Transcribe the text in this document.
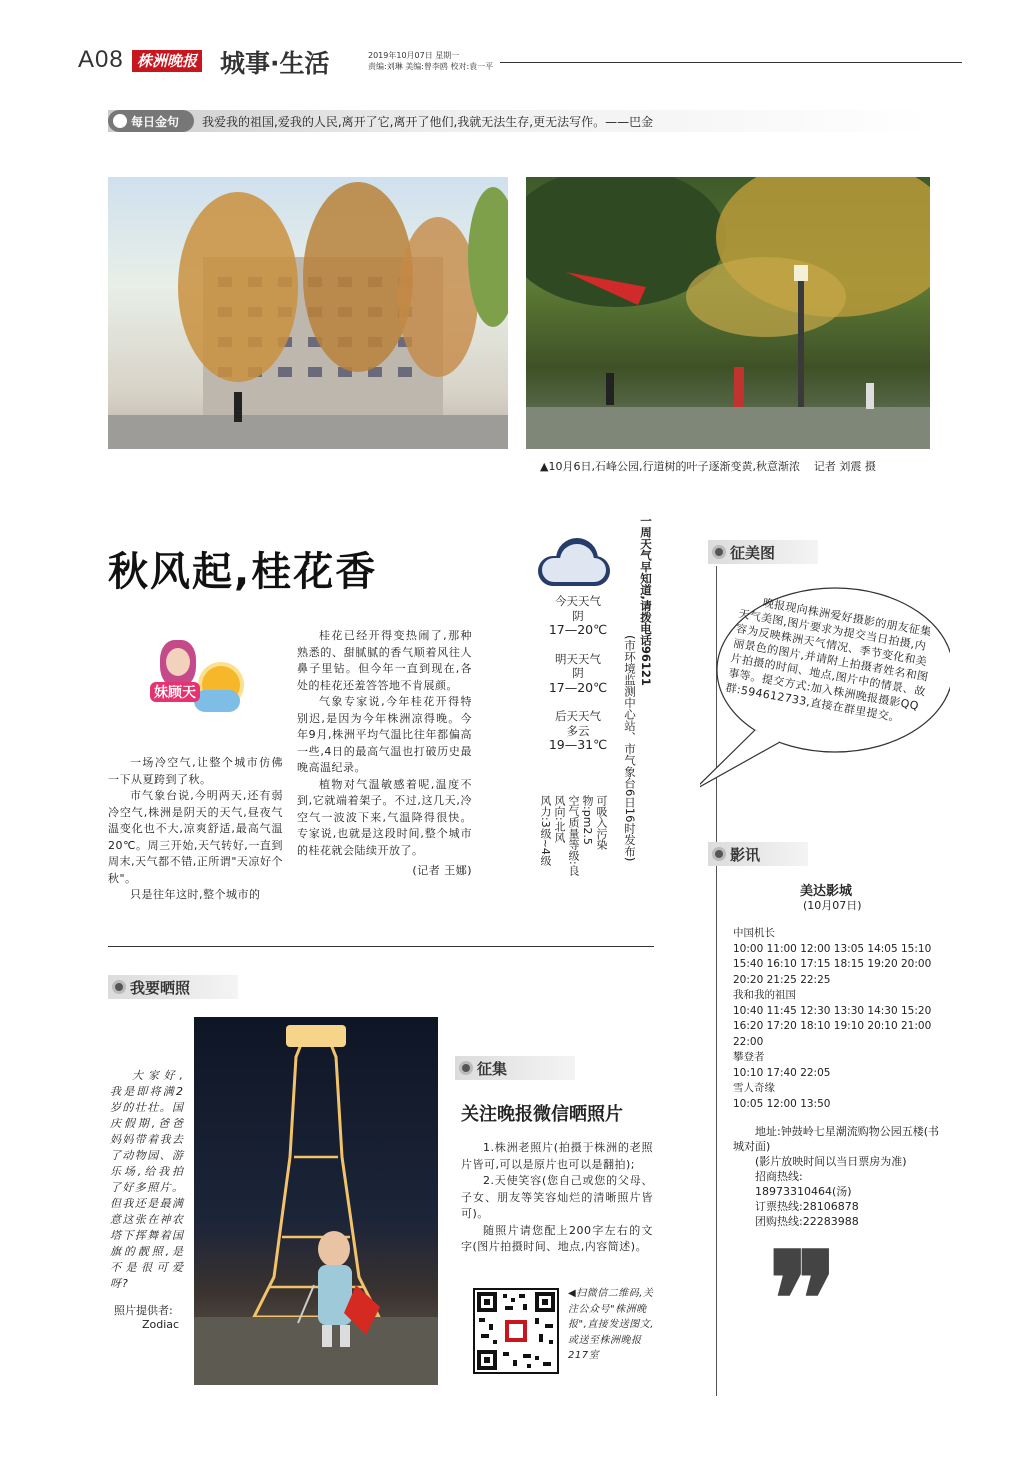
A08 株洲晚报 城事·生活	2019年10月07日 星期一
责编:刘琳 美编:曾李鸥 校对:袁一平
每日金句 我爱我的祖国,爱我的人民,离开了它,离开了他们,我就无法生存,更无法写作。——巴金
▲10月6日,石峰公园,行道树的叶子逐渐变黄,秋意渐浓    记者 刘震 摄
秋风起,桂花香
妹顾天

一场冷空气,让整个城市仿佛一下从夏跨到了秋。

市气象台说,今明两天,还有弱冷空气,株洲是阴天的天气,昼夜气温变化也不大,凉爽舒适,最高气温20℃。周三开始,天气转好,一直到周末,天气都不错,正所谓"天凉好个秋"。

只是往年这时,整个城市的

桂花已经开得变热闹了,那种熟悉的、甜腻腻的香气顺着风往人鼻子里钻。但今年一直到现在,各处的桂花还羞答答地不肯展颜。

气象专家说,今年桂花开得特别迟,是因为今年株洲凉得晚。今年9月,株洲平均气温比往年都偏高一些,4日的最高气温也打破历史最晚高温纪录。

植物对气温敏感着呢,温度不到,它就端着架子。不过,这几天,冷空气一波波下来,气温降得很快。专家说,也就是这段时间,整个城市的桂花就会陆续开放了。

(记者 王娜)

今天天气
阴
17—20℃
明天天气
阴
17—20℃
后天天气
多云
19—31℃
可吸入污染物:pm2.5
空气质量等级:良
风向:北风
风力:3级~4级
一周天气早知道,请拨电话96121
(市环境监测中心站、市气象台6日16时发布)
征美图
晚报现向株洲爱好摄影的朋友征集天气美图,图片要求为提交当日拍摄,内容为反映株洲天气情况、季节变化和美丽景色的图片,并请附上拍摄者姓名和图片拍摄的时间、地点,图片中的情景、故事等。提交方式:加入株洲晚报摄影QQ群:594612733,直接在群里提交。
影讯
美达影城
(10月07日)
中国机长
10:00 11:00 12:00 13:05 14:05 15:10
15:40 16:10 17:15 18:15 19:20 20:00
20:20 21:25 22:25
我和我的祖国
10:40 11:45 12:30 13:30 14:30 15:20
16:20 17:20 18:10 19:10 20:10 21:00
22:00
攀登者
10:10 17:40 22:05
雪人奇缘
10:05 12:00 13:50
地址:钟鼓岭七星潮流购物公园五楼(书城对面)
(影片放映时间以当日票房为准)
招商热线:
18973310464(汤)
订票热线:28106878
团购热线:22283988
❞
我要晒照
大家好,我是即将满2岁的壮壮。国庆假期,爸爸妈妈带着我去了动物园、游乐场,给我拍了好多照片。但我还是最满意这张在神农塔下挥舞着国旗的靓照,是不是很可爱呀?
照片提供者:
Zodiac
征集
关注晚报微信晒照片

1.株洲老照片(拍摄于株洲的老照片皆可,可以是原片也可以是翻拍);

2.天使笑容(您自己或您的父母、子女、朋友等笑容灿烂的清晰照片皆可)。

随照片请您配上200字左右的文字(图片拍摄时间、地点,内容简述)。

◀扫微信二维码,关注公众号"株洲晚报",直接发送图文,或送至株洲晚报217室
